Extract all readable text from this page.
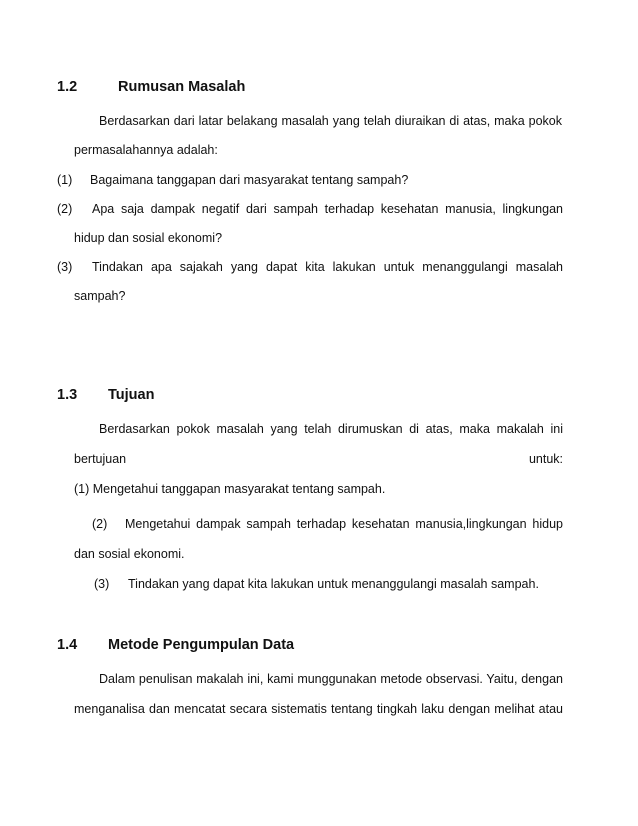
1.2	Rumusan Masalah
Berdasarkan dari latar belakang masalah yang telah diuraikan di atas, maka pokok
permasalahannya adalah:
(1) Bagaimana tanggapan dari masyarakat tentang sampah?
(2) Apa saja dampak negatif dari sampah terhadap kesehatan manusia, lingkungan
hidup dan sosial ekonomi?
(3) Tindakan apa sajakah yang dapat kita lakukan untuk menanggulangi masalah
sampah?
1.3 Tujuan
Berdasarkan pokok masalah yang telah dirumuskan di atas, maka makalah ini
bertujuan	untuk:
(1) Mengetahui tanggapan masyarakat tentang sampah.
(2) Mengetahui dampak sampah terhadap kesehatan manusia,lingkungan hidup
dan sosial ekonomi.
(3) Tindakan yang dapat kita lakukan untuk menanggulangi masalah sampah.
1.4 Metode Pengumpulan Data
Dalam penulisan makalah ini, kami munggunakan metode observasi. Yaitu, dengan
menganalisa dan mencatat secara sistematis tentang tingkah laku dengan melihat atau
